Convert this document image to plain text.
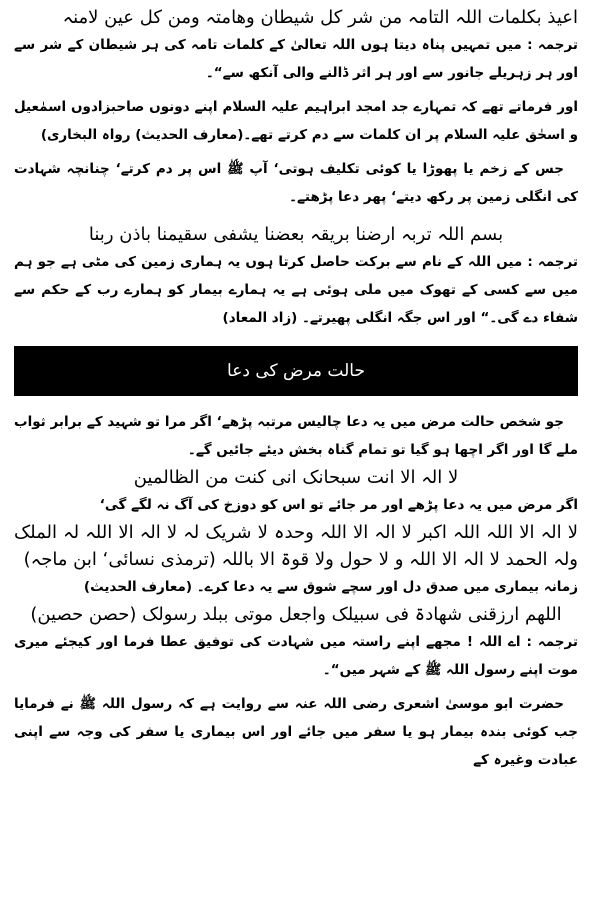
اعیذ بکلمات اللہ التامہ من شر کل شیطان وھامتہ ومن کل عین لامنہ

ترجمہ : میں تمہیں پناہ دیتا ہوں اللہ تعالیٰ کے کلمات تامہ کی ہر شیطان کے شر سے اور ہر زہریلے جانور سے اور ہر اثر ڈالنے والی آنکھ سے“۔

اور فرماتے تھے کہ تمہارے جد امجد ابراہیم علیہ السلام اپنے دونوں صاحبزادوں اسمٰعیل و اسحٰق علیہ السلام پر ان کلمات سے دم کرتے تھے۔(معارف الحدیث) رواہ البخاری)

جس کے زخم یا پھوڑا یا کوئی تکلیف ہوتی‘ آپ ﷺ اس پر دم کرتے‘ چنانچہ شہادت کی انگلی زمین پر رکھ دیتے‘ پھر دعا پڑھتے۔

بسم اللہ تربہ ارضنا بریقہ بعضنا یشفی سقیمنا باذن ربنا

ترجمہ : میں اللہ کے نام سے برکت حاصل کرتا ہوں یہ ہماری زمین کی مٹی ہے جو ہم میں سے کسی کے تھوک میں ملی ہوئی ہے یہ ہمارے بیمار کو ہمارے رب کے حکم سے شفاء دے گی۔“ اور اس جگہ انگلی پھیرتے۔ (زاد المعاد)

حالت مرض کی دعا

جو شخص حالت مرض میں یہ دعا چالیس مرتبہ پڑھے‘ اگر مرا تو شہید کے برابر ثواب ملے گا اور اگر اچھا ہو گیا تو تمام گناہ بخش دیئے جائیں گے۔

لا الہ الا انت سبحانک انی کنت من الظالمین

اگر مرض میں یہ دعا پڑھے اور مر جائے تو اس کو دوزخ کی آگ نہ لگے گی‘

لا الہ الا اللہ اللہ اکبر لا الہ الا اللہ وحدہ لا شریک لہ لا الہ الا اللہ لہ الملک ولہ الحمد لا الہ الا اللہ و لا حول ولا قوۃ الا باللہ (ترمذی نسائی‘ ابن ماجہ)

زمانہ بیماری میں صدق دل اور سچے شوق سے یہ دعا کرے۔ (معارف الحدیث)

اللھم ارزقنی شھادۃ فی سبیلک واجعل موتی ببلد رسولک (حصن حصین)

ترجمہ : اے اللہ ! مجھے اپنے راستہ میں شہادت کی توفیق عطا فرما اور کیجئے میری موت اپنے رسول اللہ ﷺ کے شہر میں“۔

حضرت ابو موسیٰ اشعری رضی اللہ عنہ سے روایت ہے کہ رسول اللہ ﷺ نے فرمایا جب کوئی بندہ بیمار ہو یا سفر میں جائے اور اس بیماری یا سفر کی وجہ سے اپنی عبادت وغیرہ کے
